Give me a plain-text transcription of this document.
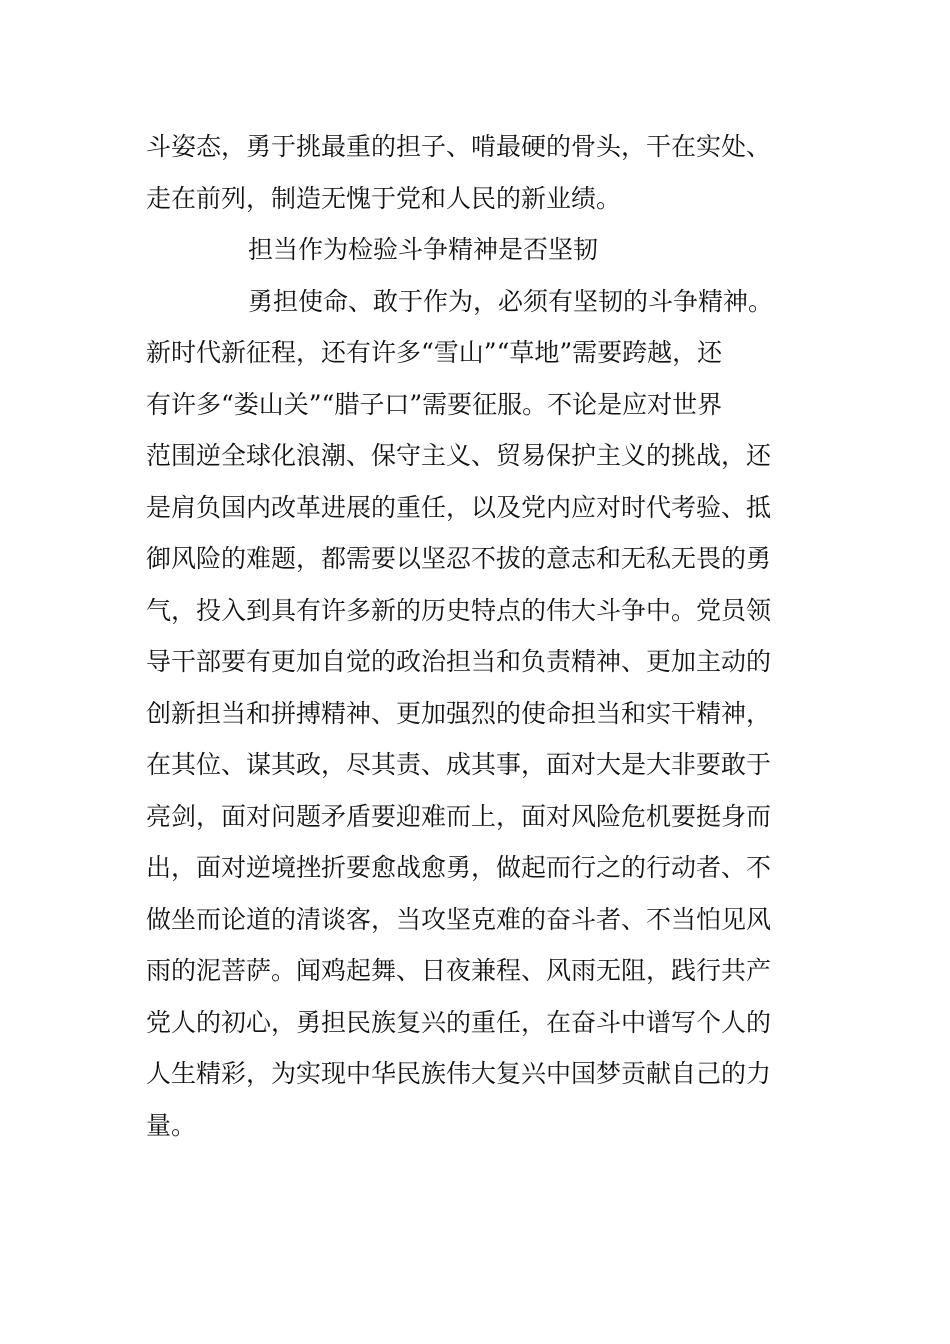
斗姿态，勇于挑最重的担子、啃最硬的骨头，干在实处、
走在前列，制造无愧于党和人民的新业绩。
担当作为检验斗争精神是否坚韧
勇担使命、敢于作为，必须有坚韧的斗争精神。
新时代新征程，还有许多“雪山”“草地”需要跨越，还
有许多“娄山关”“腊子口”需要征服。不论是应对世界
范围逆全球化浪潮、保守主义、贸易保护主义的挑战，还
是肩负国内改革进展的重任，以及党内应对时代考验、抵
御风险的难题，都需要以坚忍不拔的意志和无私无畏的勇
气，投入到具有许多新的历史特点的伟大斗争中。党员领
导干部要有更加自觉的政治担当和负责精神、更加主动的
创新担当和拼搏精神、更加强烈的使命担当和实干精神，
在其位、谋其政，尽其责、成其事，面对大是大非要敢于
亮剑，面对问题矛盾要迎难而上，面对风险危机要挺身而
出，面对逆境挫折要愈战愈勇，做起而行之的行动者、不
做坐而论道的清谈客，当攻坚克难的奋斗者、不当怕见风
雨的泥菩萨。闻鸡起舞、日夜兼程、风雨无阻，践行共产
党人的初心，勇担民族复兴的重任，在奋斗中谱写个人的
人生精彩，为实现中华民族伟大复兴中国梦贡献自己的力
量。
